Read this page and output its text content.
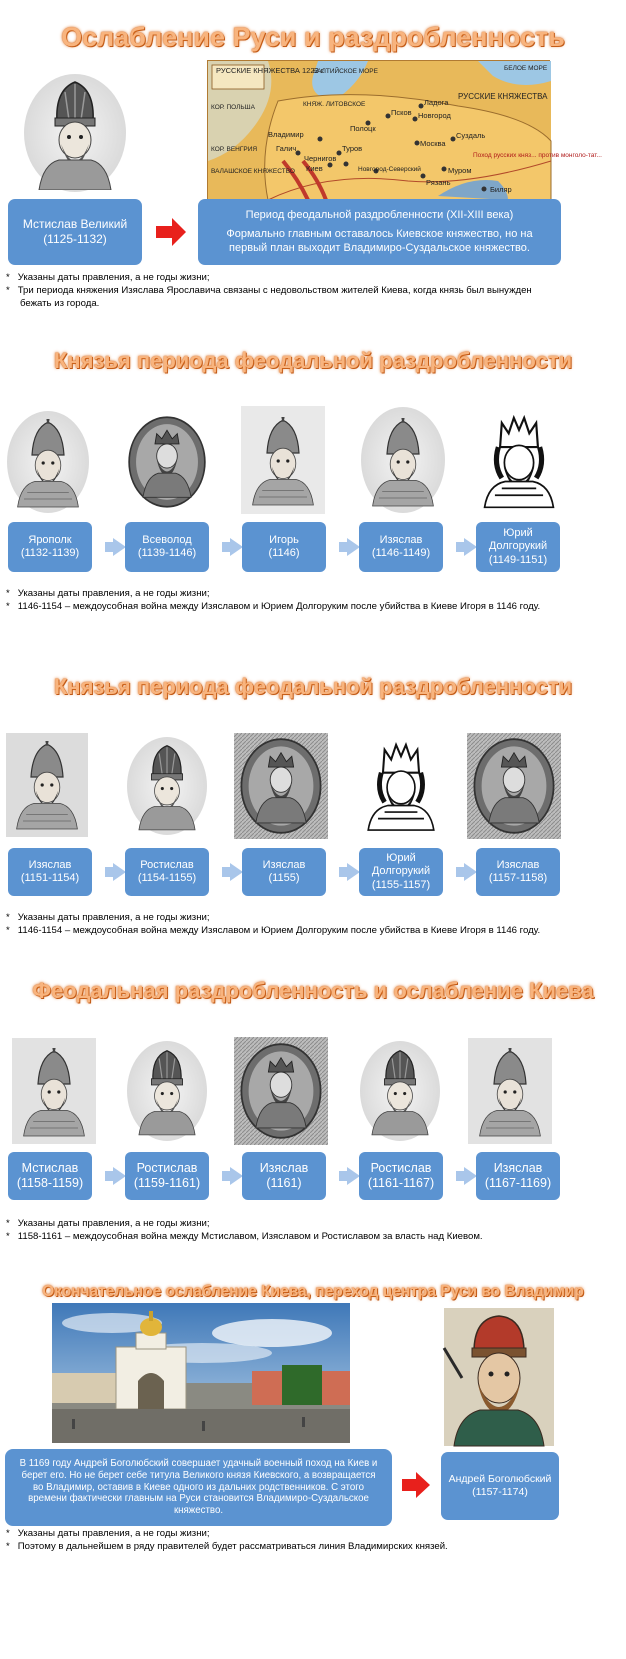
Ослабление Руси и раздробленность
РУССКИЕ КНЯЖЕСТВА 1223 г.
БАЛТИЙСКОЕ МОРЕ	БЕЛОЕ МОРЕ
КНЯЖ. ЛИТОВСКОЕ
КОР. ПОЛЬША
КОР. ВЕНГРИЯ
ВАЛАШСКОЕ КНЯЖЕСТВО
РУССКИЕ КНЯЖЕСТВА
Ладога
Псков Новгород
Полоцк
Владимир	Суздаль
Галич	Туров
Чернигов
Киев
Москва
Муром
Рязань
Новгород-Северский
Поход русских княз... против монголо-тат...
Биляр
Мстислав Великий
(1125-1132)
Период феодальной раздробленности (XII-XIII века)
Формально главным оставалось Киевское княжество, но на первый план выходит Владимиро-Суздальское княжество.

*   Указаны даты правления, а не годы жизни;

*   Три периода княжения Изяслава Ярославича связаны с недовольством жителей Киева, когда князь был вынужден бежать из города.

Князья периода феодальной раздробленности
Ярополк
(1132-1139)
Всеволод
(1139-1146)
Игорь
(1146)
Изяслав
(1146-1149)
Юрий Долгорукий
(1149-1151)

*   Указаны даты правления, а не годы жизни;

*   1146-1154 – междоусобная война между Изяславом и Юрием Долгоруким после убийства в Киеве Игоря в 1146 году.

Князья периода феодальной раздробленности
Изяслав
(1151-1154)
Ростислав
(1154-1155)
Изяслав
(1155)
Юрий Долгорукий
(1155-1157)
Изяслав
(1157-1158)

*   Указаны даты правления, а не годы жизни;

*   1146-1154 – междоусобная война между Изяславом и Юрием Долгоруким после убийства в Киеве Игоря в 1146 году.

Феодальная раздробленность и ослабление Киева
Мстислав
(1158-1159)
Ростислав
(1159-1161)
Изяслав
(1161)
Ростислав
(1161-1167)
Изяслав
(1167-1169)

*   Указаны даты правления, а не годы жизни;

*   1158-1161 – междоусобная война между Мстиславом, Изяславом и Ростиславом за власть над Киевом.

Окончательное ослабление Киева, переход центра Руси во Владимир
В 1169 году Андрей Боголюбский совершает удачный военный поход на Киев и берет его. Но не берет себе титула Великого князя Киевского, а возвращается во Владимир, оставив в Киеве одного из дальних родственников. С этого времени фактически главным на Руси становится Владимиро-Суздальское княжество.
Андрей Боголюбский
(1157-1174)

*   Указаны даты правления, а не годы жизни;

*   Поэтому в дальнейшем в ряду правителей будет рассматриваться линия Владимирских князей.
